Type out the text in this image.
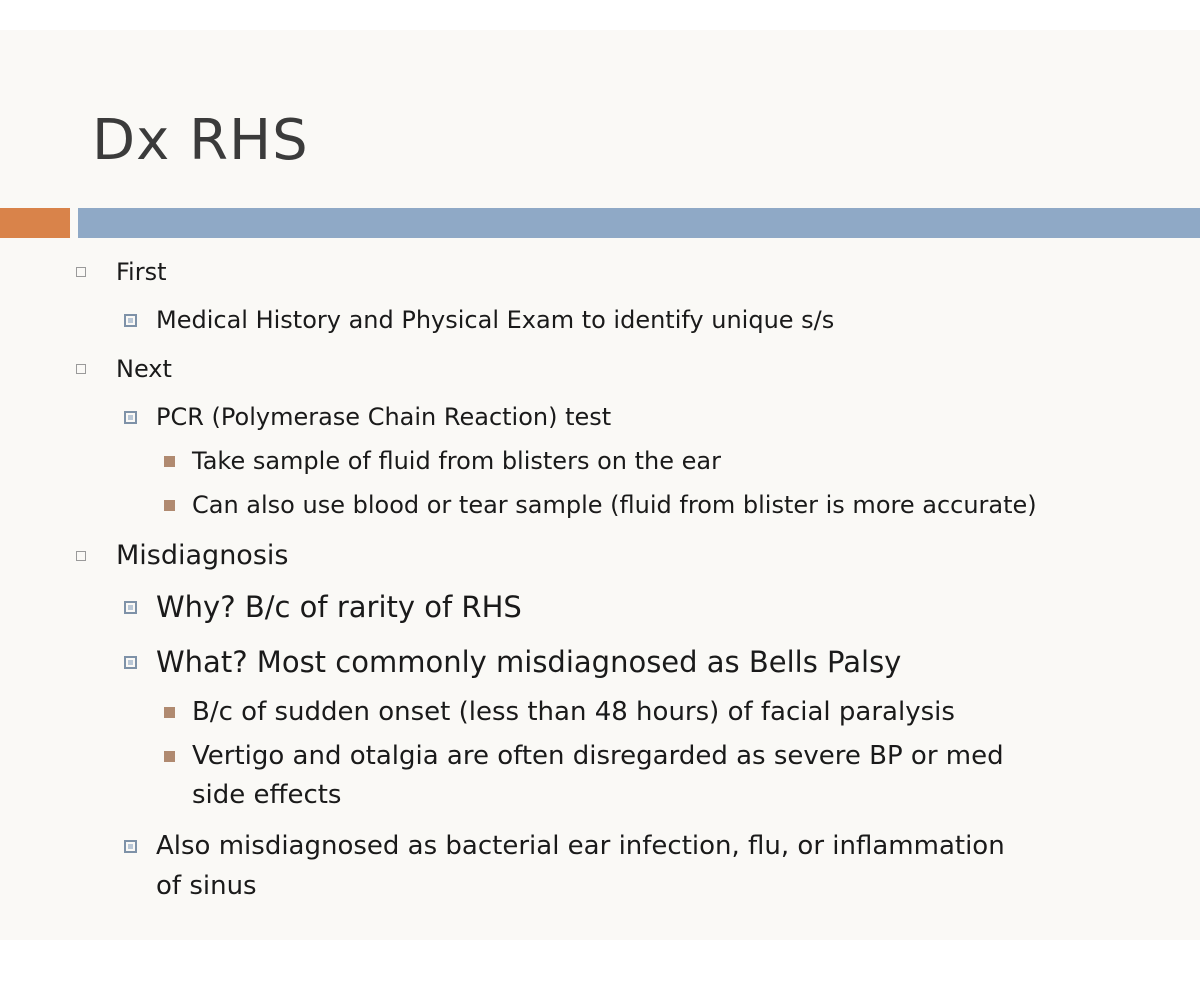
Dx RHS
First
Medical History and Physical Exam to identify unique s/s
Next
PCR (Polymerase Chain Reaction) test
Take sample of fluid from blisters on the ear
Can also use blood or tear sample (fluid from blister is more accurate)
Misdiagnosis
Why? B/c of rarity of RHS
What? Most commonly misdiagnosed as Bells Palsy
B/c of sudden onset (less than 48 hours) of facial paralysis
Vertigo and otalgia are often disregarded as severe BP or med
side effects
Also misdiagnosed as bacterial ear infection, flu, or inflammation
of sinus
